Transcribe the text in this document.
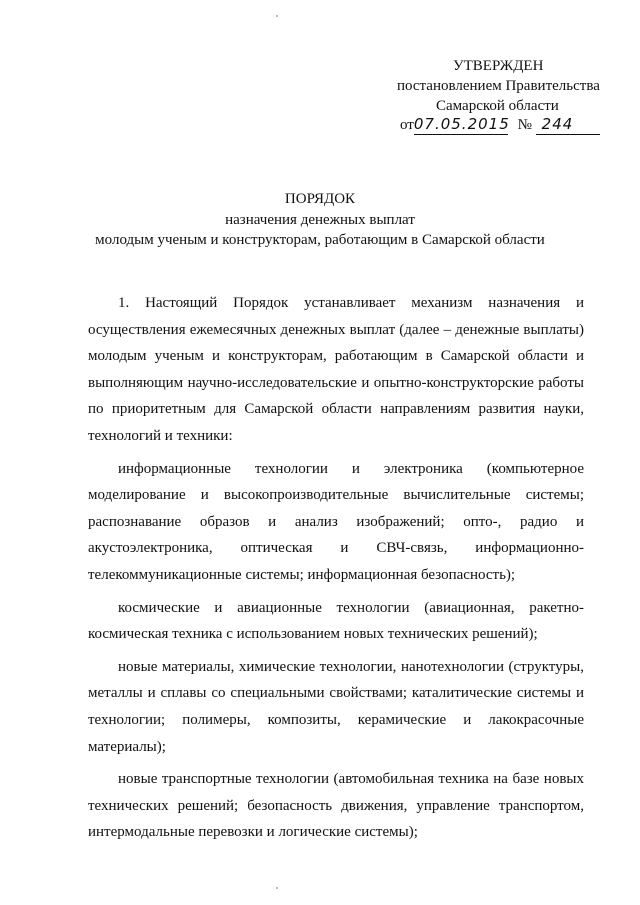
УТВЕРЖДЕН
постановлением Правительства
Самарской области
от07.05.2015 № 244
ПОРЯДОК
назначения денежных выплат
молодым ученым и конструкторам, работающим в Самарской области

1. Настоящий Порядок устанавливает механизм назначения и осуществления ежемесячных денежных выплат (далее – денежные выплаты) молодым ученым и конструкторам, работающим в Самарской области и выполняющим научно-исследовательские и опытно-конструкторские работы по приоритетным для Самарской области направлениям развития науки, технологий и техники:

информационные технологии и электроника (компьютерное моделирование и высокопроизводительные вычислительные системы; распознавание образов и анализ изображений; опто-, радио и акустоэлектроника, оптическая и СВЧ-связь, информационно-телекоммуникационные системы; информационная безопасность);

космические и авиационные технологии (авиационная, ракетно-космическая техника с использованием новых технических решений);

новые материалы, химические технологии, нанотехнологии (структуры, металлы и сплавы со специальными свойствами; каталитические системы и технологии; полимеры, композиты, керамические и лакокрасочные материалы);

новые транспортные технологии (автомобильная техника на базе новых технических решений; безопасность движения, управление транспортом, интермодальные перевозки и логические системы);
